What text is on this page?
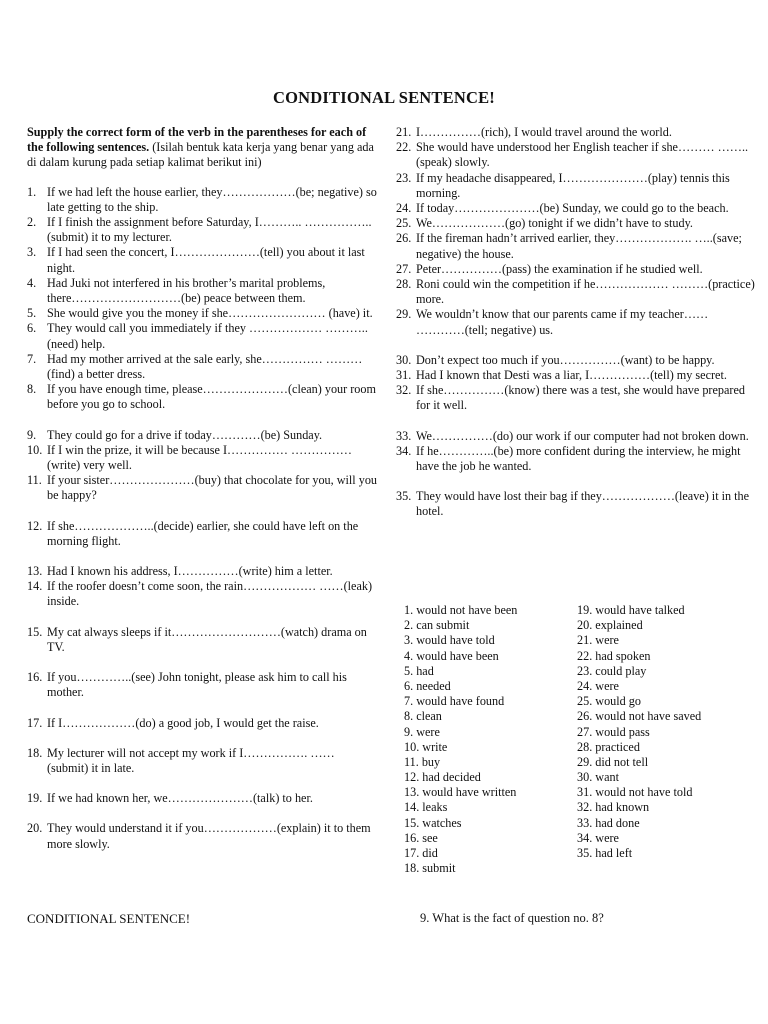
CONDITIONAL SENTENCE!
Supply the correct form of the verb in the parentheses for each of the following sentences. (Isilah bentuk kata kerja yang benar yang ada di dalam kurung pada setiap kalimat berikut ini)
1. If we had left the house earlier, they………………(be; negative) so late getting to the ship.
2. If I finish the assignment before Saturday, I……….. ……………..(submit) it to my lecturer.
3. If I had seen the concert, I…………………(tell) you about it last night.
4. Had Juki not interfered in his brother’s marital problems, there………………………(be) peace between them.
5. She would give you the money if she…………………… (have) it.
6. They would call you immediately if they ……………… ……….. (need) help.
7. Had my mother arrived at the sale early, she…………… ………(find) a better dress.
8. If you have enough time, please…………………(clean) your room before you go to school.
9. They could go for a drive if today…………(be) Sunday.
10. If I win the prize, it will be because I…………… ……………(write) very well.
11. If your sister…………………(buy) that chocolate for you, will you be happy?
12. If she………………..(decide) earlier, she could have left on the morning flight.
13. Had I known his address, I……………(write) him a letter.
14. If the roofer doesn’t come soon, the rain……………… ……(leak) inside.
15. My cat always sleeps if it………………………(watch) drama on TV.
16. If you…………..(see) John tonight, please ask him to call his mother.
17. If I………………(do) a good job, I would get the raise.
18. My lecturer will not accept my work if I……………. …… (submit) it in late.
19. If we had known her, we…………………(talk) to her.
20. They would understand it if you………………(explain) it to them more slowly.
21. I……………(rich), I would travel around the world.
22. She would have understood her English teacher if she……… ……..(speak) slowly.
23. If my headache disappeared, I…………………(play) tennis this morning.
24. If today…………………(be) Sunday, we could go to the beach.
25. We………………(go) tonight if we didn’t have to study.
26. If the fireman hadn’t arrived earlier, they………………. …..(save; negative) the house.
27. Peter……………(pass) the examination if he studied well.
28. Roni could win the competition if he……………… ………(practice) more.
29. We wouldn’t know that our parents came if my teacher…… …………(tell; negative) us.
30. Don’t expect too much if you……………(want) to be happy.
31. Had I known that Desti was a liar, I……………(tell) my secret.
32. If she……………(know) there was a test, she would have prepared for it well.
33. We……………(do) our work if our computer had not broken down.
34. If he…………..(be) more confident during the interview, he might have the job he wanted.
35. They would have lost their bag if they………………(leave) it in the hotel.
1. would not have been
2. can submit
3. would have told
4. would have been
5. had
6. needed
7. would have found
8. clean
9. were
10. write
11. buy
12. had decided
13. would have written
14. leaks
15. watches
16. see
17. did
18. submit
19. would have talked
20. explained
21. were
22. had spoken
23. could play
24. were
25. would go
26. would not have saved
27. would pass
28. practiced
29. did not tell
30. want
31. would not have told
32. had known
33. had done
34. were
35. had left
CONDITIONAL SENTENCE!	9. What is the fact of question no. 8?
